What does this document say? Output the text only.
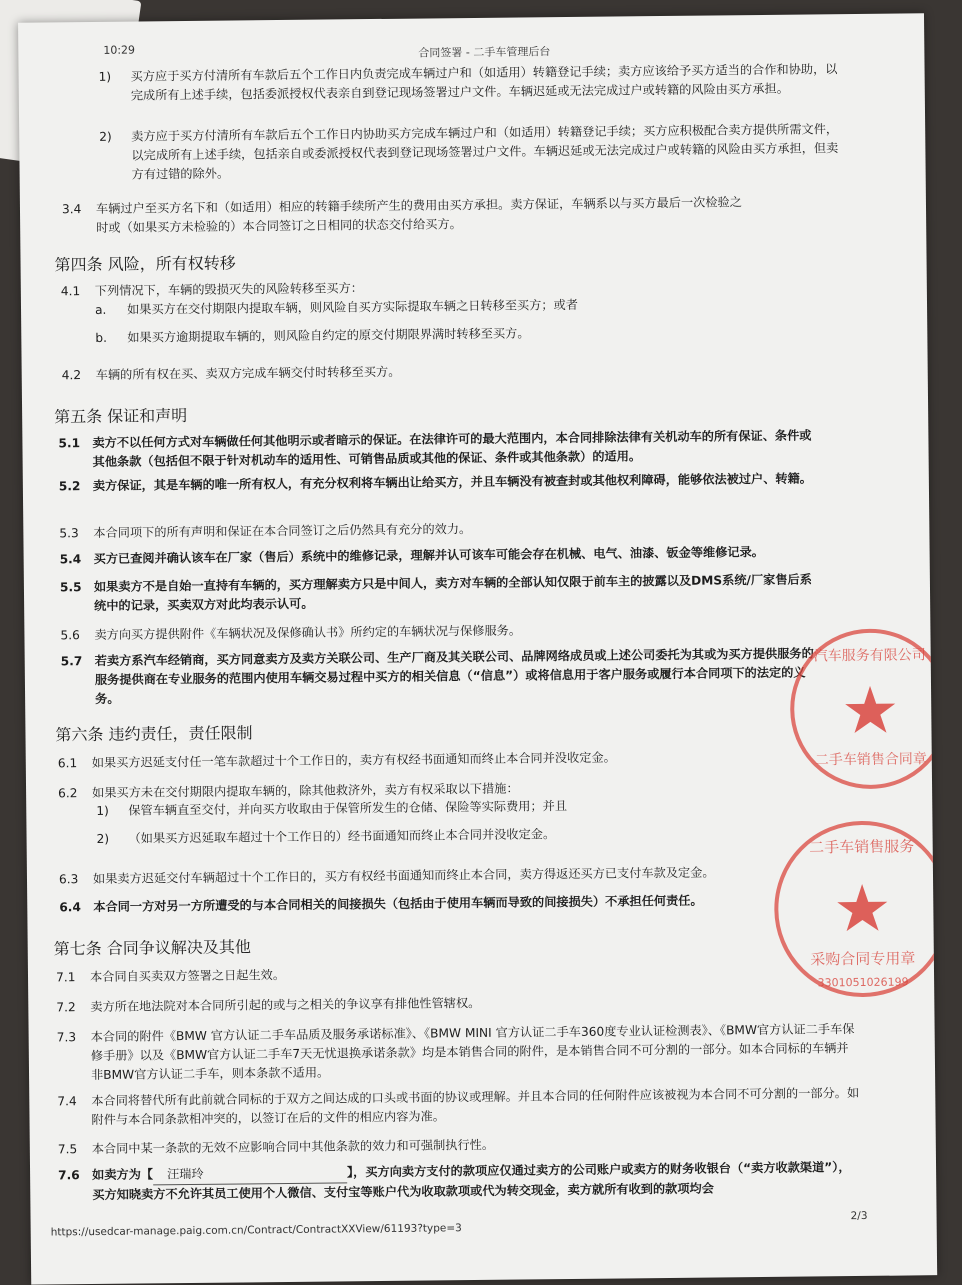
10:29	合同签署 - 二手车管理后台
1) 买方应于买方付清所有车款后五个工作日内负责完成车辆过户和（如适用）转籍登记手续；卖方应该给予买方适当的合作和协助，以完成所有上述手续，包括委派授权代表亲自到登记现场签署过户文件。车辆迟延或无法完成过户或转籍的风险由买方承担。
2) 卖方应于买方付清所有车款后五个工作日内协助买方完成车辆过户和（如适用）转籍登记手续；买方应积极配合卖方提供所需文件，以完成所有上述手续，包括亲自或委派授权代表到登记现场签署过户文件。车辆迟延或无法完成过户或转籍的风险由买方承担，但卖方有过错的除外。
3.4 车辆过户至买方名下和（如适用）相应的转籍手续所产生的费用由买方承担。卖方保证，车辆系以与买方最后一次检验之时或（如果买方未检验的）本合同签订之日相同的状态交付给买方。
第四条 风险，所有权转移
4.1 下列情况下，车辆的毁损灭失的风险转移至买方：
a. 如果买方在交付期限内提取车辆，则风险自买方实际提取车辆之日转移至买方；或者
b. 如果买方逾期提取车辆的，则风险自约定的原交付期限界满时转移至买方。
4.2 车辆的所有权在买、卖双方完成车辆交付时转移至买方。
第五条 保证和声明
5.1 卖方不以任何方式对车辆做任何其他明示或者暗示的保证。在法律许可的最大范围内，本合同排除法律有关机动车的所有保证、条件或其他条款（包括但不限于针对机动车的适用性、可销售品质或其他的保证、条件或其他条款）的适用。
5.2 卖方保证，其是车辆的唯一所有权人，有充分权利将车辆出让给买方，并且车辆没有被查封或其他权利障碍，能够依法被过户、转籍。
5.3 本合同项下的所有声明和保证在本合同签订之后仍然具有充分的效力。
5.4 买方已查阅并确认该车在厂家（售后）系统中的维修记录，理解并认可该车可能会存在机械、电气、油漆、钣金等维修记录。
5.5 如果卖方不是自始一直持有车辆的，买方理解卖方只是中间人，卖方对车辆的全部认知仅限于前车主的披露以及DMS系统/厂家售后系统中的记录，买卖双方对此均表示认可。
5.6 卖方向买方提供附件《车辆状况及保修确认书》所约定的车辆状况与保修服务。
5.7 若卖方系汽车经销商，买方同意卖方及卖方关联公司、生产厂商及其关联公司、品牌网络成员或上述公司委托为其或为买方提供服务的服务提供商在专业服务的范围内使用车辆交易过程中买方的相关信息（“信息”）或将信息用于客户服务或履行本合同项下的法定的义务。
第六条 违约责任，责任限制
6.1 如果买方迟延支付任一笔车款超过十个工作日的，卖方有权经书面通知而终止本合同并没收定金。
6.2 如果买方未在交付期限内提取车辆的，除其他救济外，卖方有权采取以下措施：
1) 保管车辆直至交付，并向买方收取由于保管所发生的仓储、保险等实际费用；并且
2) （如果买方迟延取车超过十个工作日的）经书面通知而终止本合同并没收定金。
6.3 如果卖方迟延交付车辆超过十个工作日的，买方有权经书面通知而终止本合同，卖方得返还买方已支付车款及定金。
6.4 本合同一方对另一方所遭受的与本合同相关的间接损失（包括由于使用车辆而导致的间接损失）不承担任何责任。
第七条 合同争议解决及其他
7.1 本合同自买卖双方签署之日起生效。
7.2 卖方所在地法院对本合同所引起的或与之相关的争议享有排他性管辖权。
7.3 本合同的附件《BMW 官方认证二手车品质及服务承诺标准》、《BMW MINI 官方认证二手车360度专业认证检测表》、《BMW官方认证二手车保修手册》以及《BMW官方认证二手车7天无忧退换承诺条款》均是本销售合同的附件，是本销售合同不可分割的一部分。如本合同标的车辆并非BMW官方认证二手车，则本条款不适用。
7.4 本合同将替代所有此前就合同标的于双方之间达成的口头或书面的协议或理解。并且本合同的任何附件应该被视为本合同不可分割的一部分。如附件与本合同条款相冲突的，以签订在后的文件的相应内容为准。
7.5 本合同中某一条款的无效不应影响合同中其他条款的效力和可强制执行性。
7.6 如卖方为【 汪瑞玲	】，买方向卖方支付的款项应仅通过卖方的公司账户或卖方的财务收银台（“卖方收款渠道”），买方知晓卖方不允许其员工使用个人微信、支付宝等账户代为收取款项或代为转交现金，卖方就所有收到的款项均会
https://usedcar-manage.paig.com.cn/Contract/ContractXXView/61193?type=3
2/3
汽车服务有限公司
二手车销售合同章
二手车销售服务
采购合同专用章
3301051026199
